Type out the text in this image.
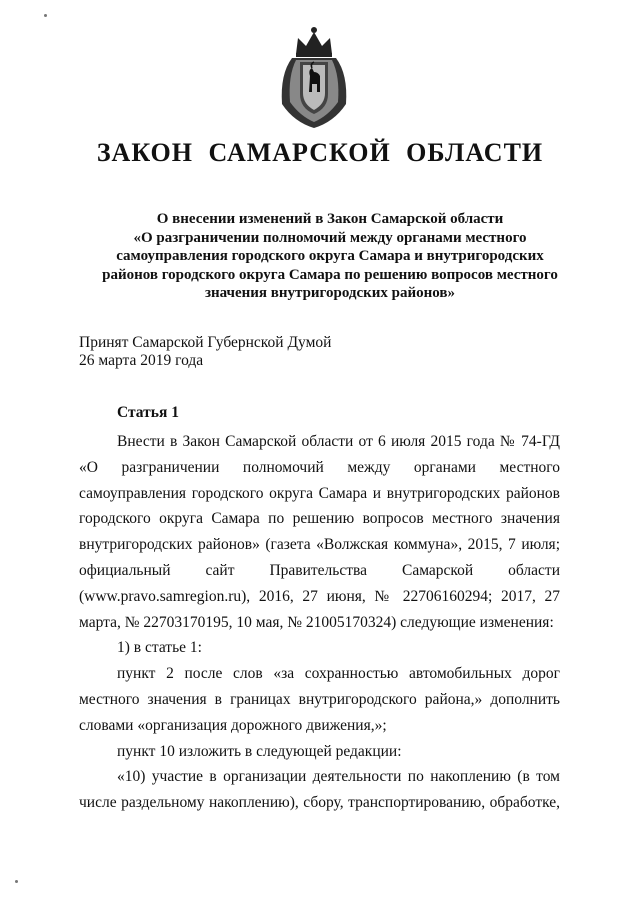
ЗАКОН САМАРСКОЙ ОБЛАСТИ
О внесении изменений в Закон Самарской области
«О разграничении полномочий между органами местного
самоуправления городского округа Самара и внутригородских
районов городского округа Самара по решению вопросов местного
значения внутригородских районов»
Принят Самарской Губернской Думой
26 марта 2019 года
Статья 1

Внести в Закон Самарской области от 6 июля 2015 года № 74-ГД «О разграничении полномочий между органами местного самоуправления городского округа Самара и внутригородских районов городского округа Самара по решению вопросов местного значения внутригородских районов» (газета «Волжская коммуна», 2015, 7 июля; официальный сайт Правительства Самарской области (www.pravo.samregion.ru), 2016, 27 июня, № 22706160294; 2017, 27 марта, № 22703170195, 10 мая, № 21005170324) следующие изменения:

1) в статье 1:

пункт 2 после слов «за сохранностью автомобильных дорог местного значения в границах внутригородского района,» дополнить словами «организация дорожного движения,»;

пункт 10 изложить в следующей редакции:

«10) участие в организации деятельности по накоплению (в том числе раздельному накоплению), сбору, транспортированию, обработке,
